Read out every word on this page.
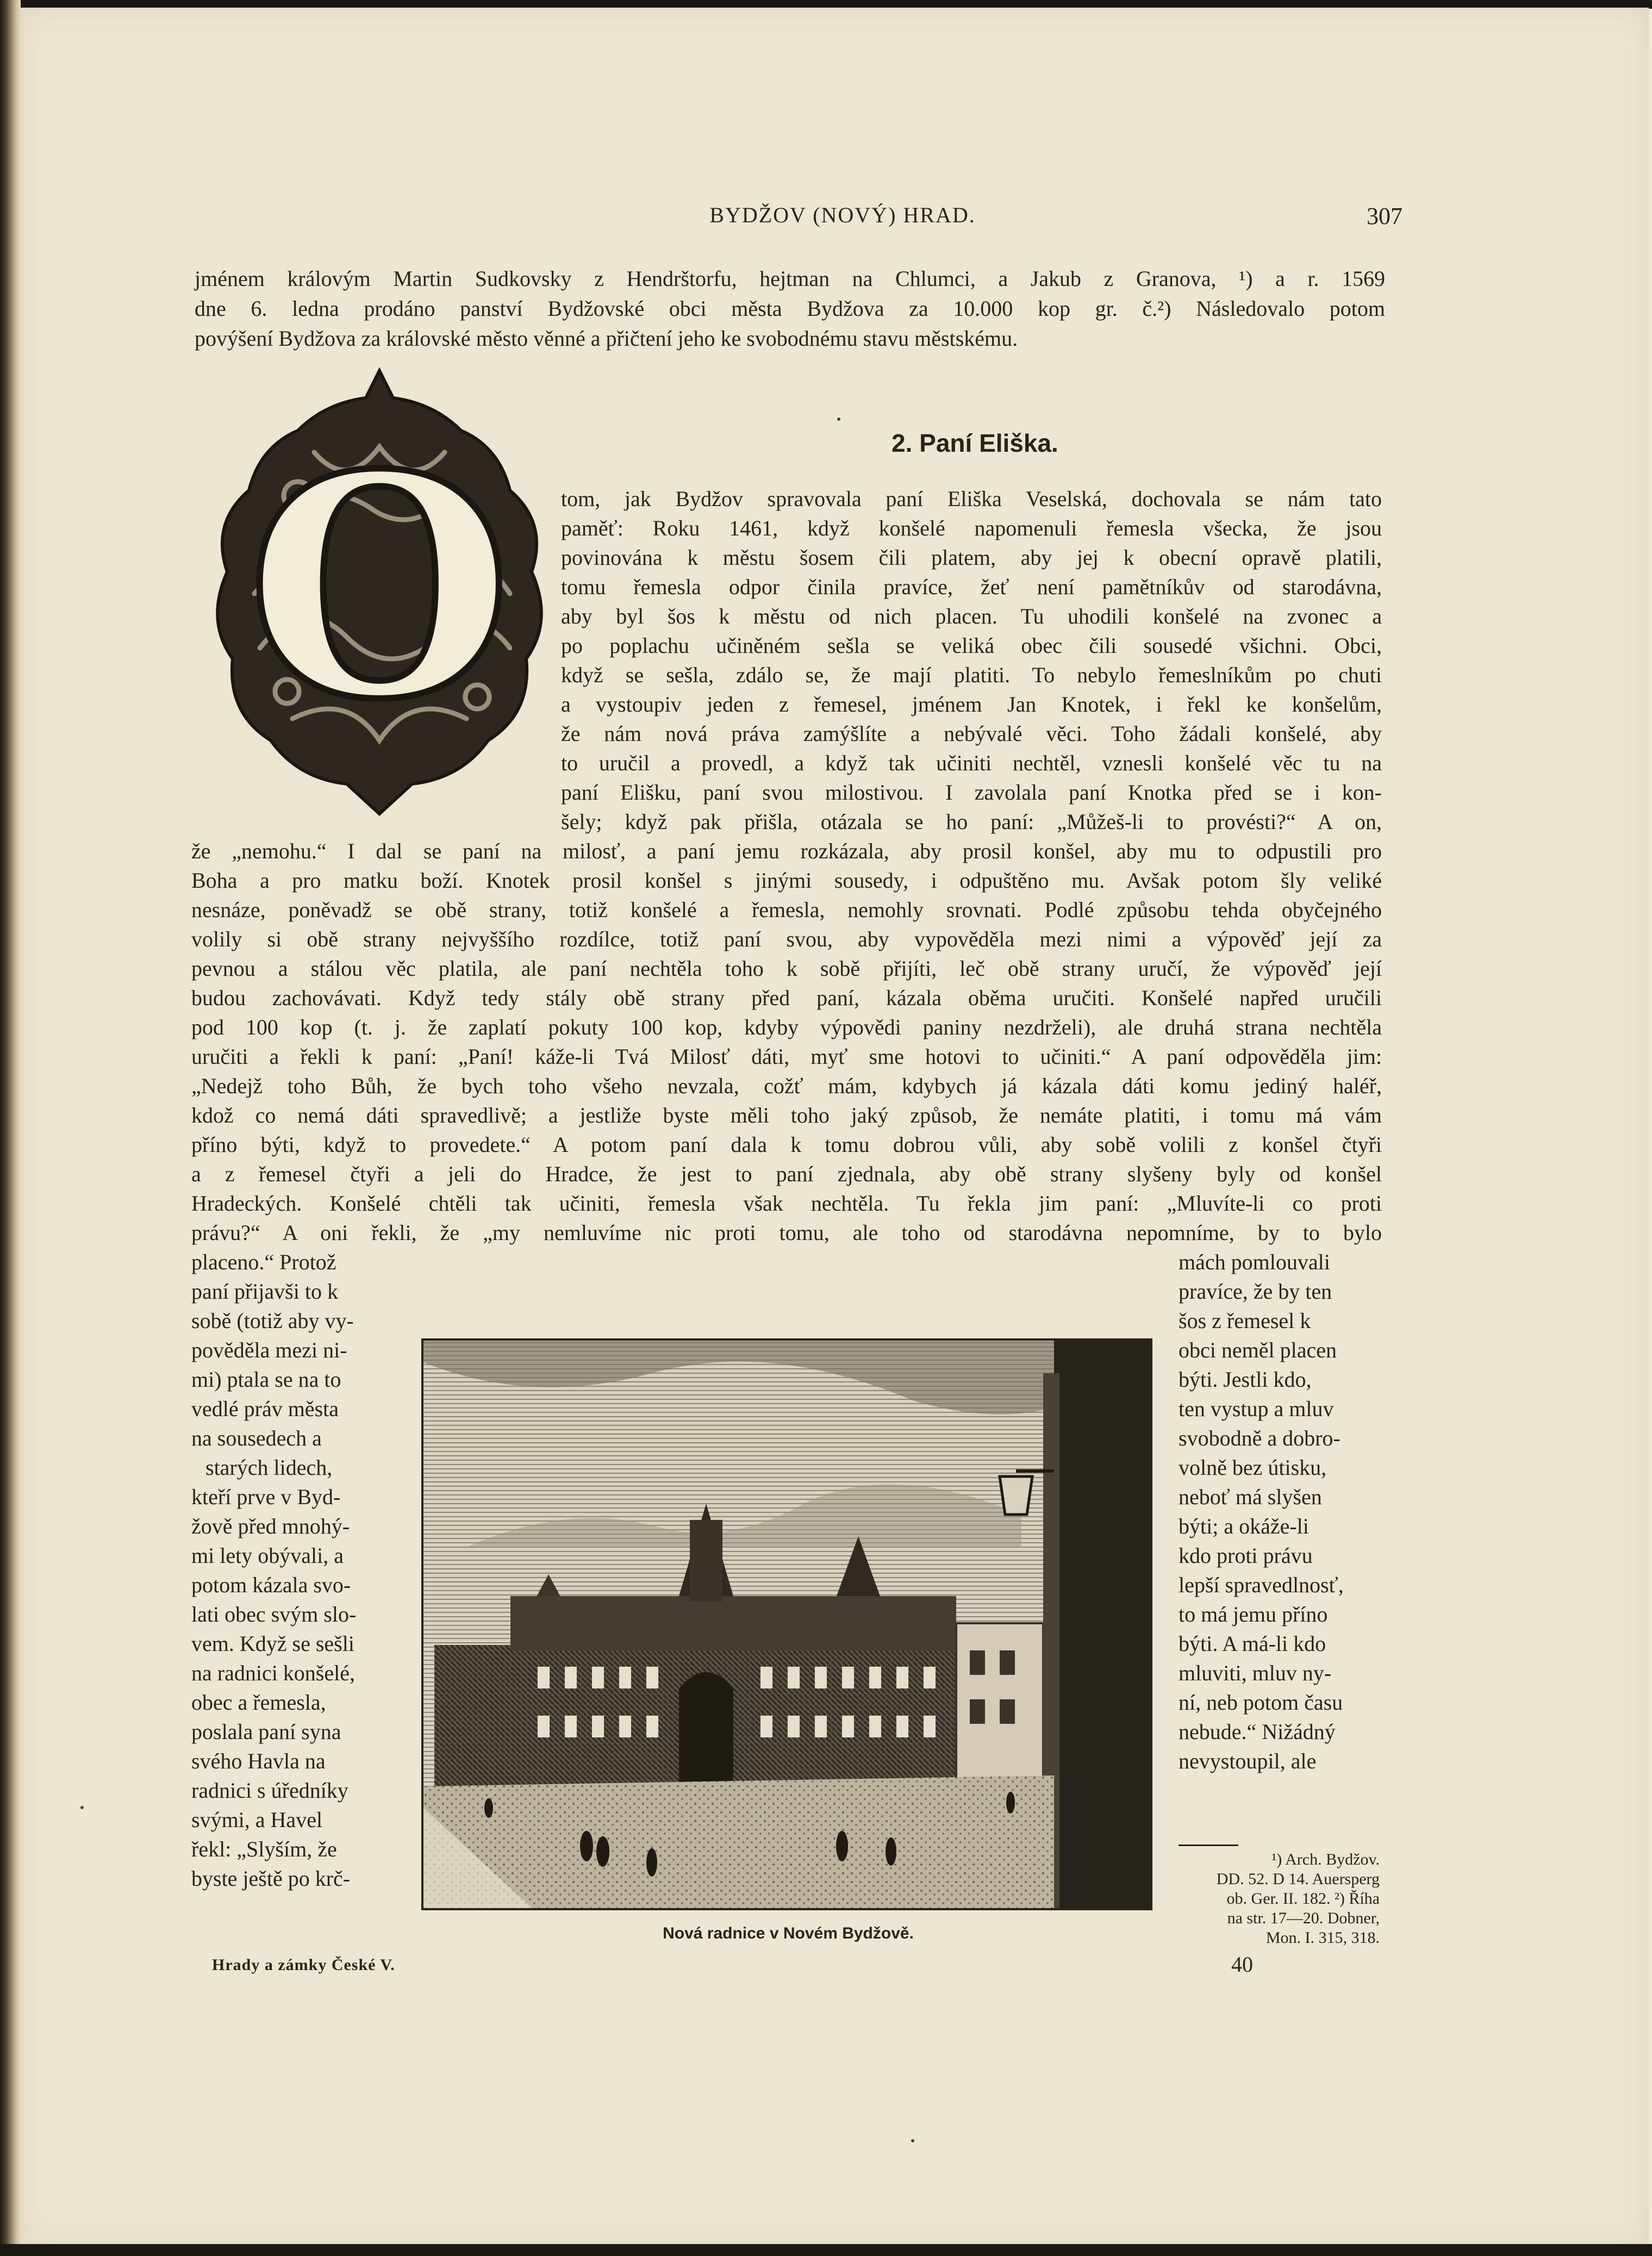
BYDŽOV (NOVÝ) HRAD.	307
jménem královým Martin Sudkovsky z Hendrštorfu, hejtman na Chlumci, a Jakub z Granova, ¹) a r. 1569
dne 6. ledna prodáno panství Bydžovské obci města Bydžova za 10.000 kop gr. č.²) Následovalo potom
povýšení Bydžova za královské město věnné a přičtení jeho ke svobodnému stavu městskému.
2. Paní Eliška.
O tom, jak Bydžov spravovala paní Eliška Veselská, dochovala se nám tato
paměť: Roku 1461, když konšelé napomenuli řemesla všecka, že jsou
povinována k městu šosem čili platem, aby jej k obecní opravě platili,
tomu řemesla odpor činila pravíce, žeť není pamětníkův od starodávna,
aby byl šos k městu od nich placen. Tu uhodili konšelé na zvonec a
po poplachu učiněném sešla se veliká obec čili sousedé všichni. Obci,
když se sešla, zdálo se, že mají platiti. To nebylo řemeslníkům po chuti
a vystoupiv jeden z řemesel, jménem Jan Knotek, i řekl ke konšelům,
že nám nová práva zamýšlíte a nebývalé věci. Toho žádali konšelé, aby
to uručil a provedl, a když tak učiniti nechtěl, vznesli konšelé věc tu na
paní Elišku, paní svou milostivou. I zavolala paní Knotka před se i kon-
šely; když pak přišla, otázala se ho paní: „Můžeš-li to provésti?“ A on,
že „nemohu.“ I dal se paní na milosť, a paní jemu rozkázala, aby prosil konšel, aby mu to odpustili pro
Boha a pro matku boží. Knotek prosil konšel s jinými sousedy, i odpuštěno mu. Avšak potom šly veliké
nesnáze, poněvadž se obě strany, totiž konšelé a řemesla, nemohly srovnati. Podlé způsobu tehda obyčejného
volily si obě strany nejvyššího rozdílce, totiž paní svou, aby vypověděla mezi nimi a výpověď její za
pevnou a stálou věc platila, ale paní nechtěla toho k sobě přijíti, leč obě strany uručí, že výpověď její
budou zachovávati. Když tedy stály obě strany před paní, kázala oběma uručiti. Konšelé napřed uručili
pod 100 kop (t. j. že zaplatí pokuty 100 kop, kdyby výpovědi paniny nezdrželi), ale druhá strana nechtěla
uručiti a řekli k paní: „Paní! káže-li Tvá Milosť dáti, myť sme hotovi to učiniti.“ A paní odpověděla jim:
„Nedejž toho Bůh, že bych toho všeho nevzala, cožť mám, kdybych já kázala dáti komu jediný haléř,
kdož co nemá dáti spravedlivě; a jestliže byste měli toho jaký způsob, že nemáte platiti, i tomu má vám
příno býti, když to provedete.“ A potom paní dala k tomu dobrou vůli, aby sobě volili z konšel čtyři
a z řemesel čtyři a jeli do Hradce, že jest to paní zjednala, aby obě strany slyšeny byly od konšel
Hradeckých. Konšelé chtěli tak učiniti, řemesla však nechtěla. Tu řekla jim paní: „Mluvíte-li co proti
právu?“ A oni řekli, že „my nemluvíme nic proti tomu, ale toho od starodávna nepomníme, by to bylo
placeno.“ Protož
paní přijavši to k
sobě (totiž aby vy-
pověděla mezi ni-
mi) ptala se na to
vedlé práv města
na sousedech a
starých lidech,
kteří prve v Byd-
žově před mnohý-
mi lety obývali, a
potom kázala svo-
lati obec svým slo-
vem. Když se sešli
na radnici konšelé,
obec a řemesla,
poslala paní syna
svého Havla na
radnici s úředníky
svými, a Havel
řekl: „Slyším, že
byste ještě po krč-
mách pomlouvali
pravíce, že by ten
šos z řemesel k
obci neměl placen
býti. Jestli kdo,
ten vystup a mluv
svobodně a dobro-
volně bez útisku,
neboť má slyšen
býti; a okáže-li
kdo proti právu
lepší spravedlnosť,
to má jemu příno
býti. A má-li kdo
mluviti, mluv ny-
ní, neb potom času
nebude.“ Nižádný
nevystoupil, ale
Nová radnice v Novém Bydžově.
¹) Arch. Bydžov.
DD. 52. D 14. Auersperg
ob. Ger. II. 182. ²) Říha
na str. 17—20. Dobner,
Mon. I. 315, 318.
Hrady a zámky České V.	40
